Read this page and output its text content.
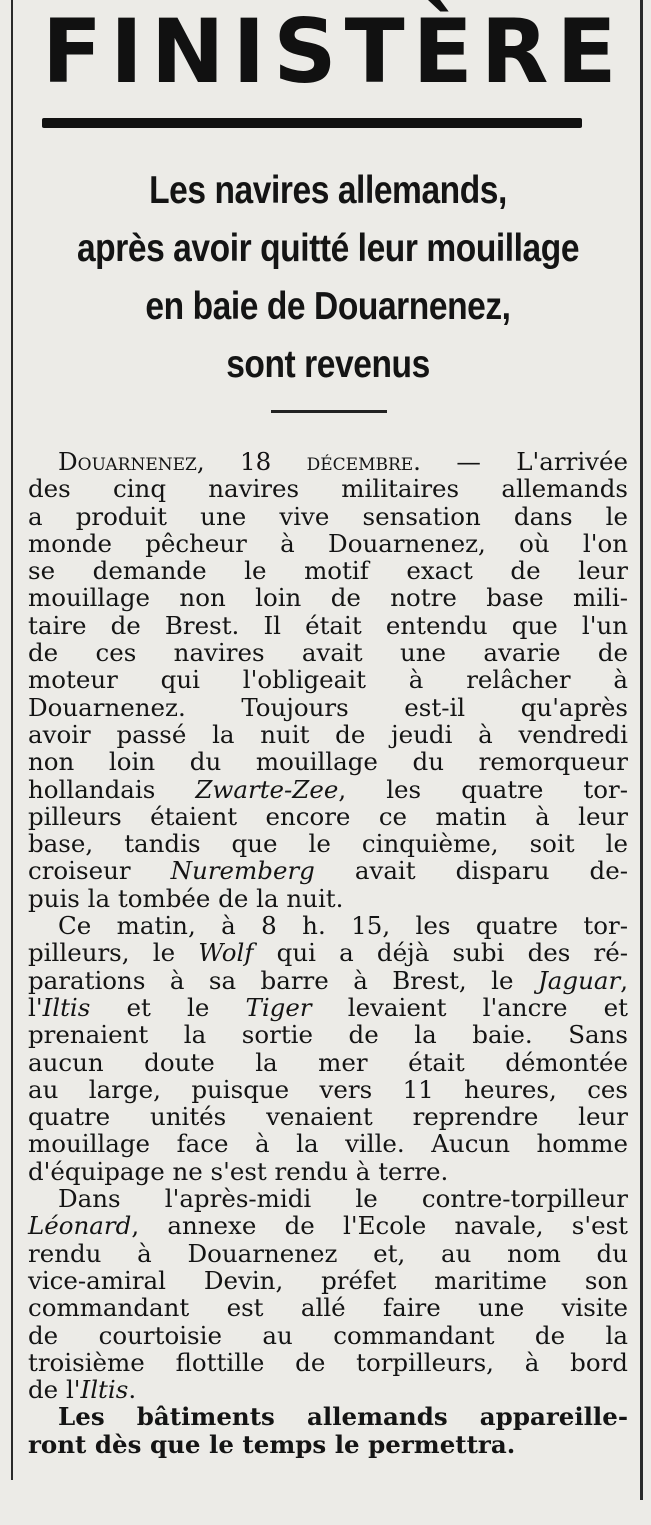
FINISTÈRE
Les navires allemands,
après avoir quitté leur mouillage
en baie de Douarnenez,
sont revenus
Douarnenez, 18 décembre. — L'arrivée
des cinq navires militaires allemands
a produit une vive sensation dans le
monde pêcheur à Douarnenez, où l'on
se demande le motif exact de leur
mouillage non loin de notre base mili-
taire de Brest. Il était entendu que l'un
de ces navires avait une avarie de
moteur qui l'obligeait à relâcher à
Douarnenez. Toujours est-il qu'après
avoir passé la nuit de jeudi à vendredi
non loin du mouillage du remorqueur
hollandais Zwarte-Zee, les quatre tor-
pilleurs étaient encore ce matin à leur
base, tandis que le cinquième, soit le
croiseur Nuremberg avait disparu de-
puis la tombée de la nuit.
Ce matin, à 8 h. 15, les quatre tor-
pilleurs, le Wolf qui a déjà subi des ré-
parations à sa barre à Brest, le Jaguar,
l'Iltis et le Tiger levaient l'ancre et
prenaient la sortie de la baie. Sans
aucun doute la mer était démontée
au large, puisque vers 11 heures, ces
quatre unités venaient reprendre leur
mouillage face à la ville. Aucun homme
d'équipage ne s'est rendu à terre.
Dans l'après-midi le contre-torpilleur
Léonard, annexe de l'Ecole navale, s'est
rendu à Douarnenez et, au nom du
vice-amiral Devin, préfet maritime son
commandant est allé faire une visite
de courtoisie au commandant de la
troisième flottille de torpilleurs, à bord
de l'Iltis.
Les bâtiments allemands appareille-
ront dès que le temps le permettra.
